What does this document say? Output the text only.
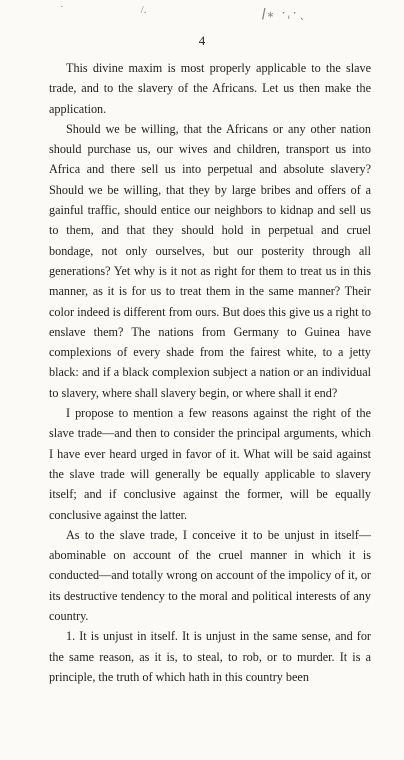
˙                            /.	ǀ⁎ ·ˌ·ˎ
4

This divine maxim is most properly applicable to the slave trade, and to the slavery of the Africans. Let us then make the application.

Should we be willing, that the Africans or any other nation should purchase us, our wives and children, transport us into Africa and there sell us into perpetual and absolute slavery? Should we be willing, that they by large bribes and offers of a gainful traffic, should entice our neighbors to kidnap and sell us to them, and that they should hold in perpetual and cruel bondage, not only ourselves, but our posterity through all generations? Yet why is it not as right for them to treat us in this manner, as it is for us to treat them in the same manner? Their color indeed is different from ours. But does this give us a right to enslave them? The nations from Germany to Guinea have complexions of every shade from the fairest white, to a jetty black: and if a black complexion subject a nation or an individual to slavery, where shall slavery begin, or where shall it end?

I propose to mention a few reasons against the right of the slave trade—and then to consider the principal arguments, which I have ever heard urged in favor of it. What will be said against the slave trade will generally be equally applicable to slavery itself; and if conclusive against the former, will be equally conclusive against the latter.

As to the slave trade, I conceive it to be unjust in itself—abominable on account of the cruel manner in which it is conducted—and totally wrong on account of the impolicy of it, or its destructive tendency to the moral and political interests of any country.

1. It is unjust in itself. It is unjust in the same sense, and for the same reason, as it is, to steal, to rob, or to murder. It is a principle, the truth of which hath in this country been
